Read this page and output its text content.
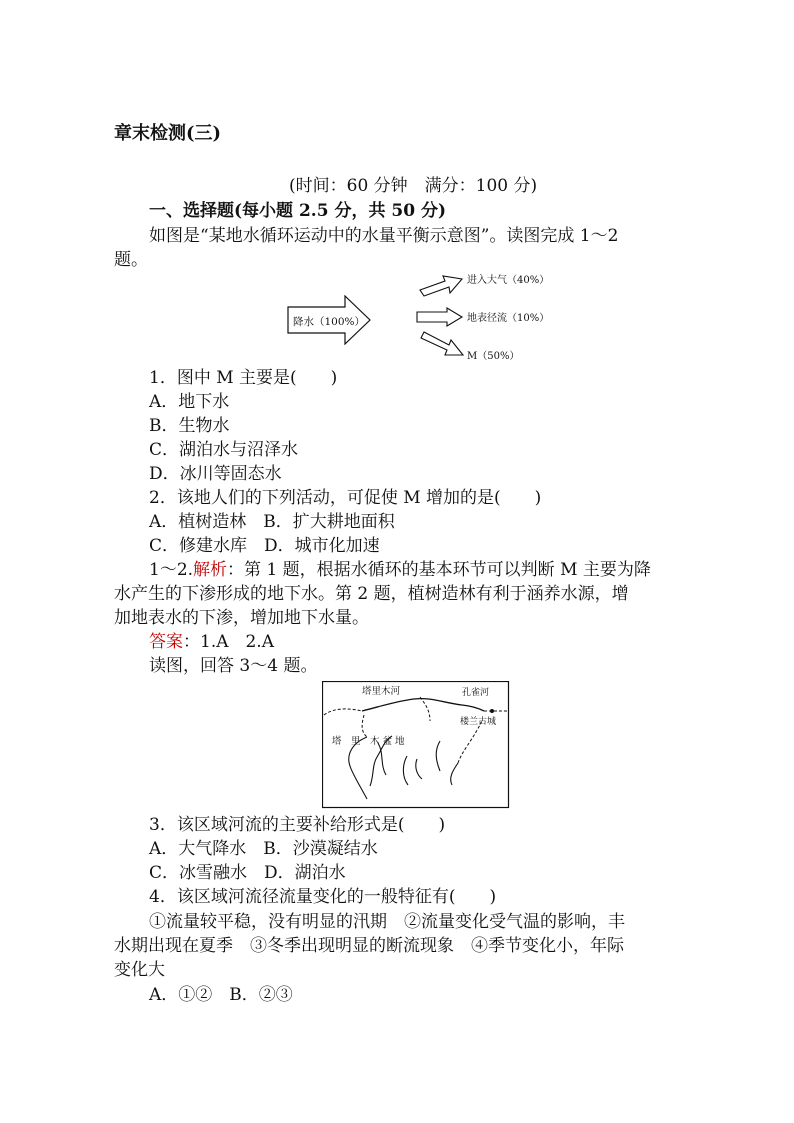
章末检测(三)
(时间：60 分钟　满分：100 分)
一、选择题(每小题 2.5 分，共 50 分)
如图是“某地水循环运动中的水量平衡示意图”。读图完成 1～2
题。
降水（100%）
进入大气（40%）
地表径流（10%）
M（50%）
1．图中 M 主要是(　　)
A．地下水
B．生物水
C．湖泊水与沼泽水
D．冰川等固态水
2．该地人们的下列活动，可促使 M 增加的是(　　)
A．植树造林　B．扩大耕地面积
C．修建水库　D．城市化加速
1～2.解析：第 1 题，根据水循环的基本环节可以判断 M 主要为降
水产生的下渗形成的地下水。第 2 题，植树造林有利于涵养水源，增
加地表水的下渗，增加地下水量。
答案：1.A　2.A
读图，回答 3～4 题。
塔里木河	孔雀河
楼兰古城
塔　里　木 盆 地
3．该区域河流的主要补给形式是(　　)
A．大气降水　B．沙漠凝结水
C．冰雪融水　D．湖泊水
4．该区域河流径流量变化的一般特征有(　　)
①流量较平稳，没有明显的汛期　②流量变化受气温的影响，丰
水期出现在夏季　③冬季出现明显的断流现象　④季节变化小，年际
变化大
A．①②　B．②③
